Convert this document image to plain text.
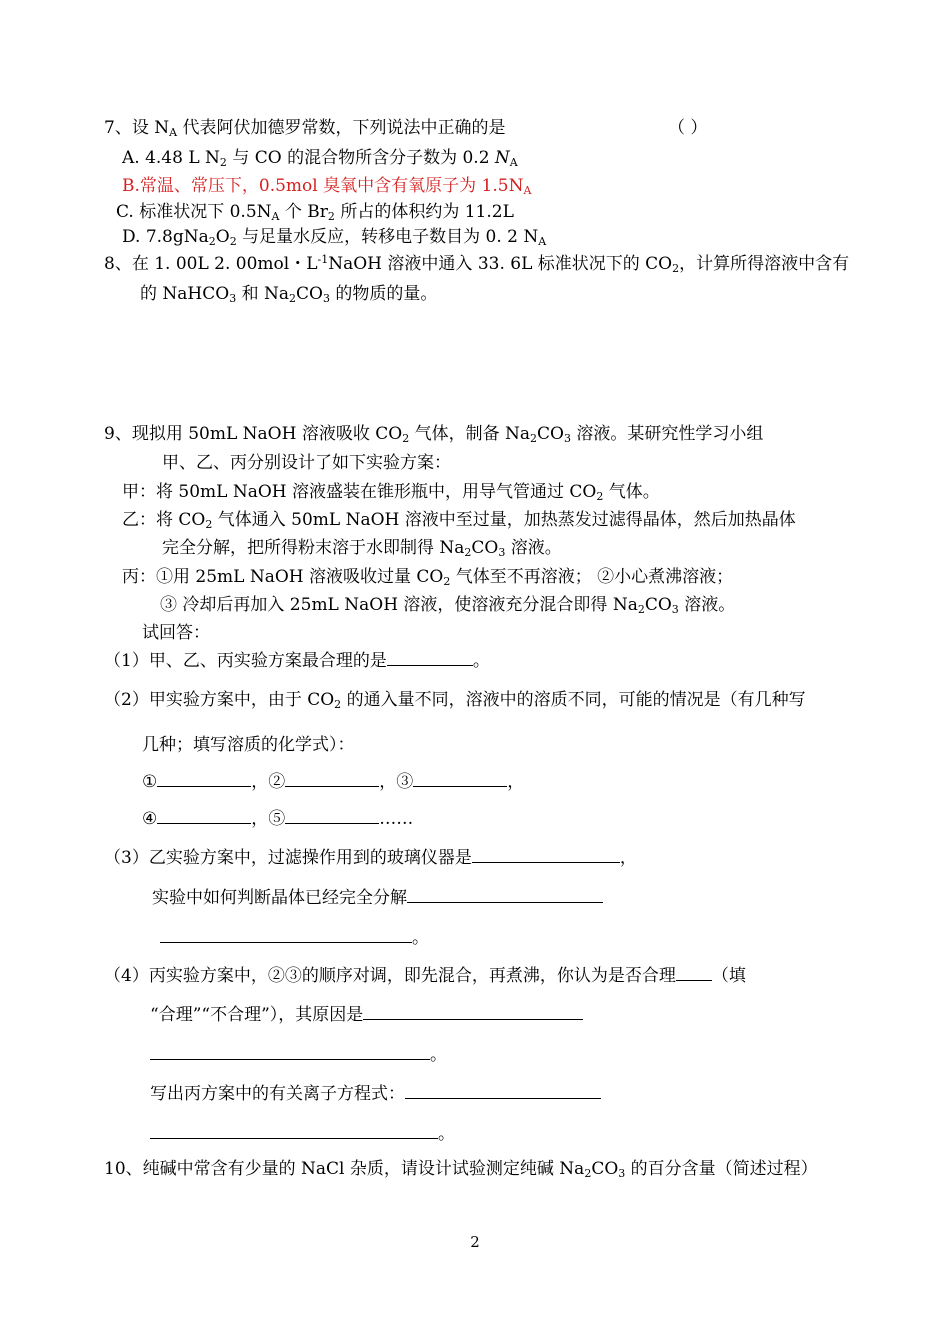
7、设 $N_A$ 代表阿伏加德罗常数，下列说法中正确的是	（ ）
A. 4.48 L $N_2$ 与 CO 的混合物所含分子数为 0.2 $N_A$
B.常温、常压下，0.5mol 臭氧中含有氧原子为 $1.5N_A$
C. 标准状况下 $0.5N_A$ 个 $Br_2$ 所占的体积约为 11.2L
D. $7.8gNa_2O_2$ 与足量水反应，转移电子数目为 0. 2 $N_A$
8、在 1. 00L 2. 00mol・$L^{-1}NaOH$ 溶液中通入 33. 6L 标准状况下的 $CO_2$，计算所得溶液中含有
的 NaHCO$_3$ 和 $Na_2CO_3$ 的物质的量。
9、现拟用 50mL NaOH 溶液吸收 $CO_2$ 气体，制备 $Na_2CO_3$ 溶液。某研究性学习小组
甲、乙、丙分别设计了如下实验方案：
甲：将 50mL NaOH 溶液盛装在锥形瓶中，用导气管通过 $CO_2$ 气体。
乙：将 $CO_2$ 气体通入 50mL NaOH 溶液中至过量，加热蒸发过滤得晶体，然后加热晶体
完全分解，把所得粉末溶于水即制得 $Na_2CO_3$ 溶液。
丙：①用 25mL NaOH 溶液吸收过量 $CO_2$ 气体至不再溶液； ②小心煮沸溶液；
③ 冷却后再加入 25mL NaOH 溶液，使溶液充分混合即得 $Na_2CO_3$ 溶液。
试回答：
（1）甲、乙、丙实验方案最合理的是	。
（2）甲实验方案中，由于 $CO_2$ 的通入量不同，溶液中的溶质不同，可能的情况是（有几种写
几种；填写溶质的化学式）：
①	，②	，③	，
④	，⑤	……
（3）乙实验方案中，过滤操作用到的玻璃仪器是	，
实验中如何判断晶体已经完全分解
。
（4）丙实验方案中，②③的顺序对调，即先混合，再煮沸，你认为是否合理 （填
“合理”“不合理”），其原因是
。
写出丙方案中的有关离子方程式：
。
10、纯碱中常含有少量的 NaCl 杂质，请设计试验测定纯碱 $Na_2CO_3$ 的百分含量（简述过程）
2
